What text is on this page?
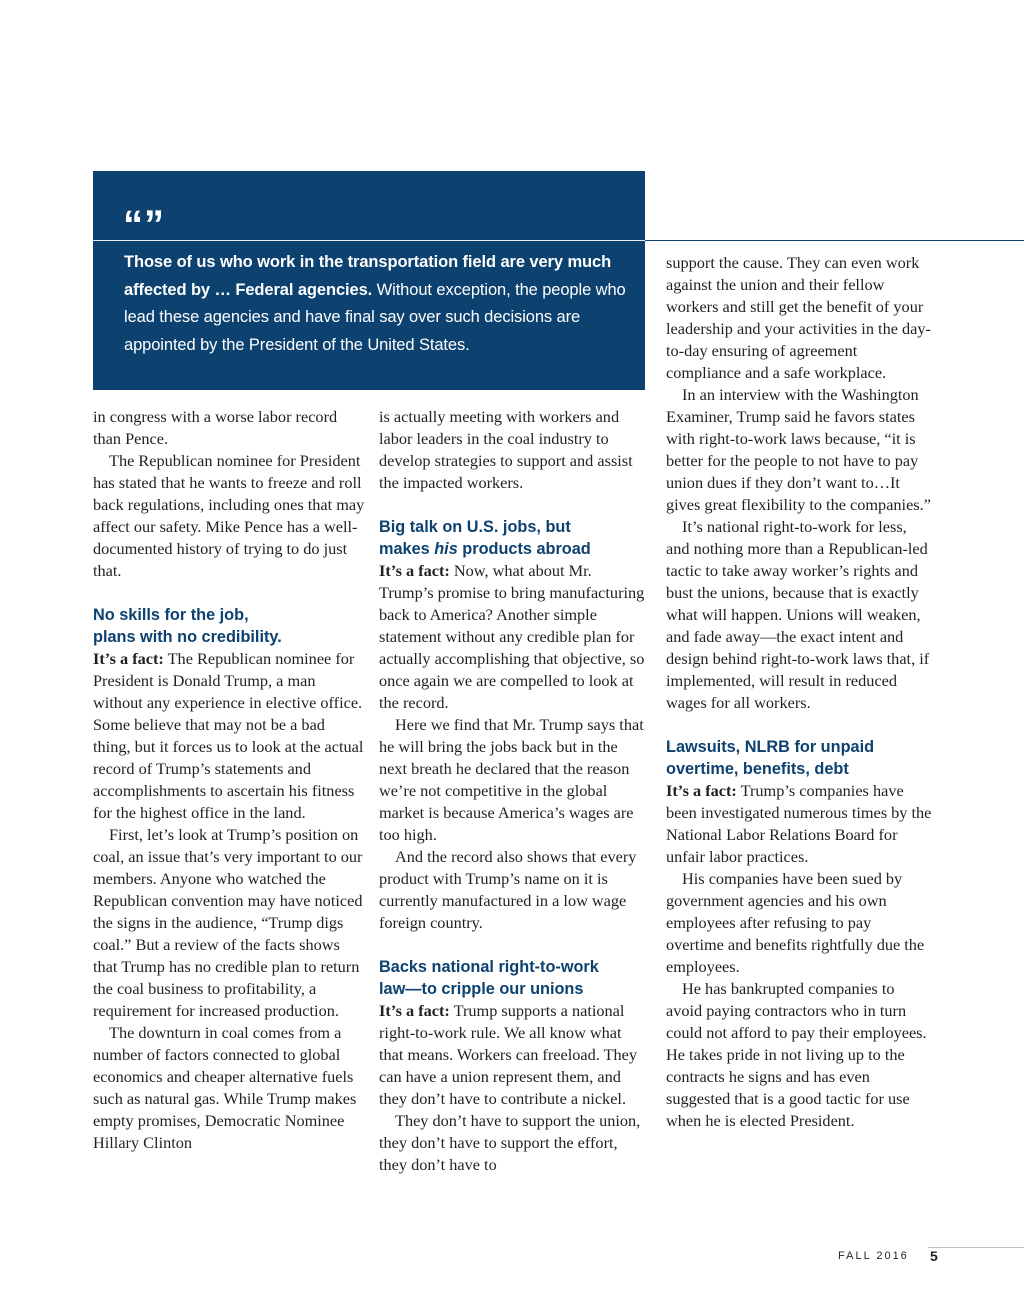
“”
Those of us who work in the transportation field are very much affected by … Federal agencies. Without exception, the people who lead these agencies and have final say over such decisions are appointed by the President of the United States.

in congress with a worse labor record than Pence.

The Republican nominee for President has stated that he wants to freeze and roll back regulations, including ones that may affect our safety. Mike Pence has a well-documented history of trying to do just that.

No skills for the job,
plans with no credibility.

It’s a fact: The Republican nominee for President is Donald Trump, a man without any experience in elective office. Some believe that may not be a bad thing, but it forces us to look at the actual record of Trump’s statements and accomplishments to ascertain his fitness for the highest office in the land.

First, let’s look at Trump’s position on coal, an issue that’s very important to our members. Anyone who watched the Republican convention may have noticed the signs in the audience, “Trump digs coal.” But a review of the facts shows that Trump has no credible plan to return the coal business to profitability, a requirement for increased production.

The downturn in coal comes from a number of factors connected to global economics and cheaper alternative fuels such as natural gas. While Trump makes empty promises, Democratic Nominee Hillary Clinton

is actually meeting with workers and labor leaders in the coal industry to develop strategies to support and assist the impacted workers.

Big talk on U.S. jobs, but
makes his products abroad

It’s a fact: Now, what about Mr. Trump’s promise to bring manufacturing back to America? Another simple statement without any credible plan for actually accomplishing that objective, so once again we are compelled to look at the record.

Here we find that Mr. Trump says that he will bring the jobs back but in the next breath he declared that the reason we’re not competitive in the global market is because America’s wages are too high.

And the record also shows that every product with Trump’s name on it is currently manufactured in a low wage foreign country.

Backs national right-to-work
law—to cripple our unions

It’s a fact: Trump supports a national right-to-work rule. We all know what that means. Workers can freeload. They can have a union represent them, and they don’t have to contribute a nickel.

They don’t have to support the union, they don’t have to support the effort, they don’t have to

support the cause. They can even work against the union and their fellow workers and still get the benefit of your leadership and your activities in the day-to-day ensuring of agreement compliance and a safe workplace.

In an interview with the Washington Examiner, Trump said he favors states with right-to-work laws because, “it is better for the people to not have to pay union dues if they don’t want to…It gives great flexibility to the companies.”

It’s national right-to-work for less, and nothing more than a Republican-led tactic to take away worker’s rights and bust the unions, because that is exactly what will happen. Unions will weaken, and fade away—the exact intent and design behind right-to-work laws that, if implemented, will result in reduced wages for all workers.

Lawsuits, NLRB for unpaid
overtime, benefits, debt

It’s a fact: Trump’s companies have been investigated numerous times by the National Labor Relations Board for unfair labor practices.

His companies have been sued by government agencies and his own employees after refusing to pay overtime and benefits rightfully due the employees.

He has bankrupted companies to avoid paying contractors who in turn could not afford to pay their employees. He takes pride in not living up to the contracts he signs and has even suggested that is a good tactic for use when he is elected President.

FALL 2016 5
